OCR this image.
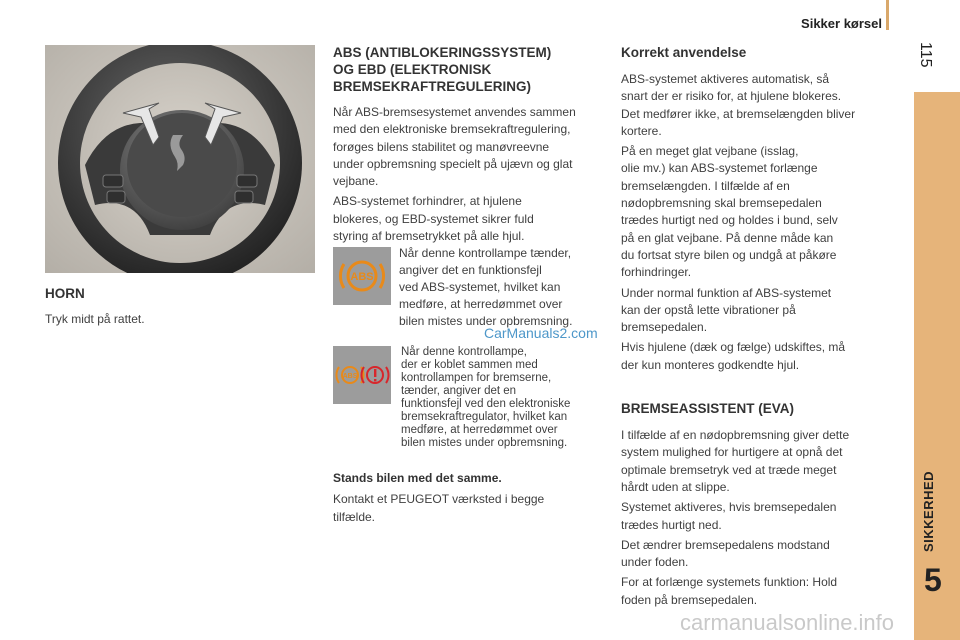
Sikker kørsel
115
SIKKERHED
5
HORN

Tryk midt på rattet.

ABS (ANTIBLOKERINGSSYSTEM)
OG EBD (ELEKTRONISK
BREMSEKRAFTREGULERING)

Når ABS-bremsesystemet anvendes sammen
med den elektroniske bremsekraftregulering,
forøges bilens stabilitet og manøvreevne
under opbremsning specielt på ujævn og glat
vejbane.

ABS-systemet forhindrer, at hjulene
blokeres, og EBD-systemet sikrer fuld
styring af bremsetrykket på alle hjul.

ABS
Når denne kontrollampe tænder,
angiver det en funktionsfejl
ved ABS-systemet, hvilket kan
medføre, at herredømmet over
bilen mistes under opbremsning.
CarManuals2.com
ABS
Når denne kontrollampe,
der er koblet sammen med
kontrollampen for bremserne,
tænder, angiver det en
funktionsfejl ved den elektroniske
bremsekraftregulator, hvilket kan
medføre, at herredømmet over
bilen mistes under opbremsning.

Stands bilen med det samme.

Kontakt et PEUGEOT værksted i begge
tilfælde.

Korrekt anvendelse

ABS-systemet aktiveres automatisk, så
snart der er risiko for, at hjulene blokeres.
Det medfører ikke, at bremselængden bliver
kortere.

På en meget glat vejbane (isslag,
olie mv.) kan ABS-systemet forlænge
bremselængden. I tilfælde af en
nødopbremsning skal bremsepedalen
trædes hurtigt ned og holdes i bund, selv
på en glat vejbane. På denne måde kan
du fortsat styre bilen og undgå at påkøre
forhindringer.

Under normal funktion af ABS-systemet
kan der opstå lette vibrationer på
bremsepedalen.

Hvis hjulene (dæk og fælge) udskiftes, må
der kun monteres godkendte hjul.

BREMSEASSISTENT (EVA)

I tilfælde af en nødopbremsning giver dette
system mulighed for hurtigere at opnå det
optimale bremsetryk ved at træde meget
hårdt uden at slippe.

Systemet aktiveres, hvis bremsepedalen
trædes hurtigt ned.

Det ændrer bremsepedalens modstand
under foden.

For at forlænge systemets funktion: Hold
foden på bremsepedalen.

carmanualsonline.info
